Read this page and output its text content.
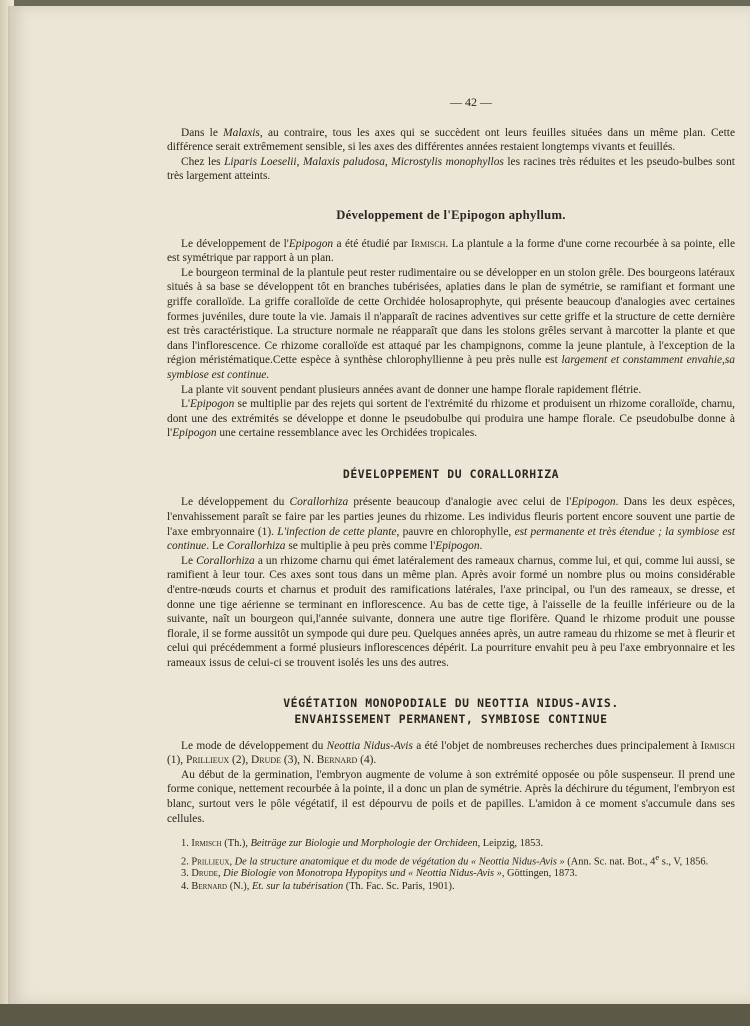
— 42 —

Dans le Malaxis, au contraire, tous les axes qui se succèdent ont leurs feuilles situées dans un même plan. Cette différence serait extrêmement sensible, si les axes des différentes années restaient longtemps vivants et feuillés.

Chez les Liparis Loeselii, Malaxis paludosa, Microstylis monophyllos les racines très réduites et les pseudo-bulbes sont très largement atteints.

Développement de l'Epipogon aphyllum.

Le développement de l'Epipogon a été étudié par Irmisch. La plantule a la forme d'une corne recourbée à sa pointe, elle est symétrique par rapport à un plan.

Le bourgeon terminal de la plantule peut rester rudimentaire ou se développer en un stolon grêle. Des bourgeons latéraux situés à sa base se développent tôt en branches tubérisées, aplaties dans le plan de symétrie, se ramifiant et formant une griffe coralloïde. La griffe coralloïde de cette Orchidée holosaprophyte, qui présente beaucoup d'analogies avec certaines formes juvéniles, dure toute la vie. Jamais il n'apparaît de racines adventives sur cette griffe et la structure de cette dernière est très caractéristique. La structure normale ne réapparaît que dans les stolons grêles servant à marcotter la plante et que dans l'inflorescence. Ce rhizome coralloïde est attaqué par les champignons, comme la jeune plantule, à l'exception de la région méristématique.Cette espèce à synthèse chlorophyllienne à peu près nulle est largement et constamment envahie,sa symbiose est continue.

La plante vit souvent pendant plusieurs années avant de donner une hampe florale rapidement flétrie.

L'Epipogon se multiplie par des rejets qui sortent de l'extrémité du rhizome et produisent un rhizome coralloïde, charnu, dont une des extrémités se développe et donne le pseudobulbe qui produira une hampe florale. Ce pseudobulbe donne à l'Epipogon une certaine ressemblance avec les Orchidées tropicales.

DÉVELOPPEMENT DU CORALLORHIZA

Le développement du Corallorhiza présente beaucoup d'analogie avec celui de l'Epipogon. Dans les deux espèces, l'envahissement paraît se faire par les parties jeunes du rhizome. Les individus fleuris portent encore souvent une partie de l'axe embryonnaire (1). L'infection de cette plante, pauvre en chlorophylle, est permanente et très étendue ; la symbiose est continue. Le Corallorhiza se multiplie à peu près comme l'Epipogon.

Le Corallorhiza a un rhizome charnu qui émet latéralement des rameaux charnus, comme lui, et qui, comme lui aussi, se ramifient à leur tour. Ces axes sont tous dans un même plan. Après avoir formé un nombre plus ou moins considérable d'entre-nœuds courts et charnus et produit des ramifications latérales, l'axe principal, ou l'un des rameaux, se dresse, et donne une tige aérienne se terminant en inflorescence. Au bas de cette tige, à l'aisselle de la feuille inférieure ou de la suivante, naît un bourgeon qui,l'année suivante, donnera une autre tige florifère. Quand le rhizome produit une pousse florale, il se forme aussitôt un sympode qui dure peu. Quelques années après, un autre rameau du rhizome se met à fleurir et celui qui précédemment a formé plusieurs inflorescences dépérit. La pourriture envahit peu à peu l'axe embryonnaire et les rameaux issus de celui-ci se trouvent isolés les uns des autres.

VÉGÉTATION MONOPODIALE DU NEOTTIA NIDUS-AVIS.
ENVAHISSEMENT PERMANENT, SYMBIOSE CONTINUE

Le mode de développement du Neottia Nidus-Avis a été l'objet de nombreuses recherches dues principalement à Irmisch (1), Prillieux (2), Drude (3), N. Bernard (4).

Au début de la germination, l'embryon augmente de volume à son extrémité opposée ou pôle suspenseur. Il prend une forme conique, nettement recourbée à la pointe, il a donc un plan de symétrie. Après la déchirure du tégument, l'embryon est blanc, surtout vers le pôle végétatif, il est dépourvu de poils et de papilles. L'amidon à ce moment s'accumule dans ses cellules.

1. Irmisch (Th.), Beiträge zur Biologie und Morphologie der Orchideen, Leipzig, 1853.

2. Prillieux, De la structure anatomique et du mode de végétation du « Neottia Nidus-Avis » (Ann. Sc. nat. Bot., 4e s., V, 1856.

3. Drude, Die Biologie von Monotropa Hypopitys und « Neottia Nidus-Avis », Göttingen, 1873.

4. Bernard (N.), Et. sur la tubérisation (Th. Fac. Sc. Paris, 1901).
